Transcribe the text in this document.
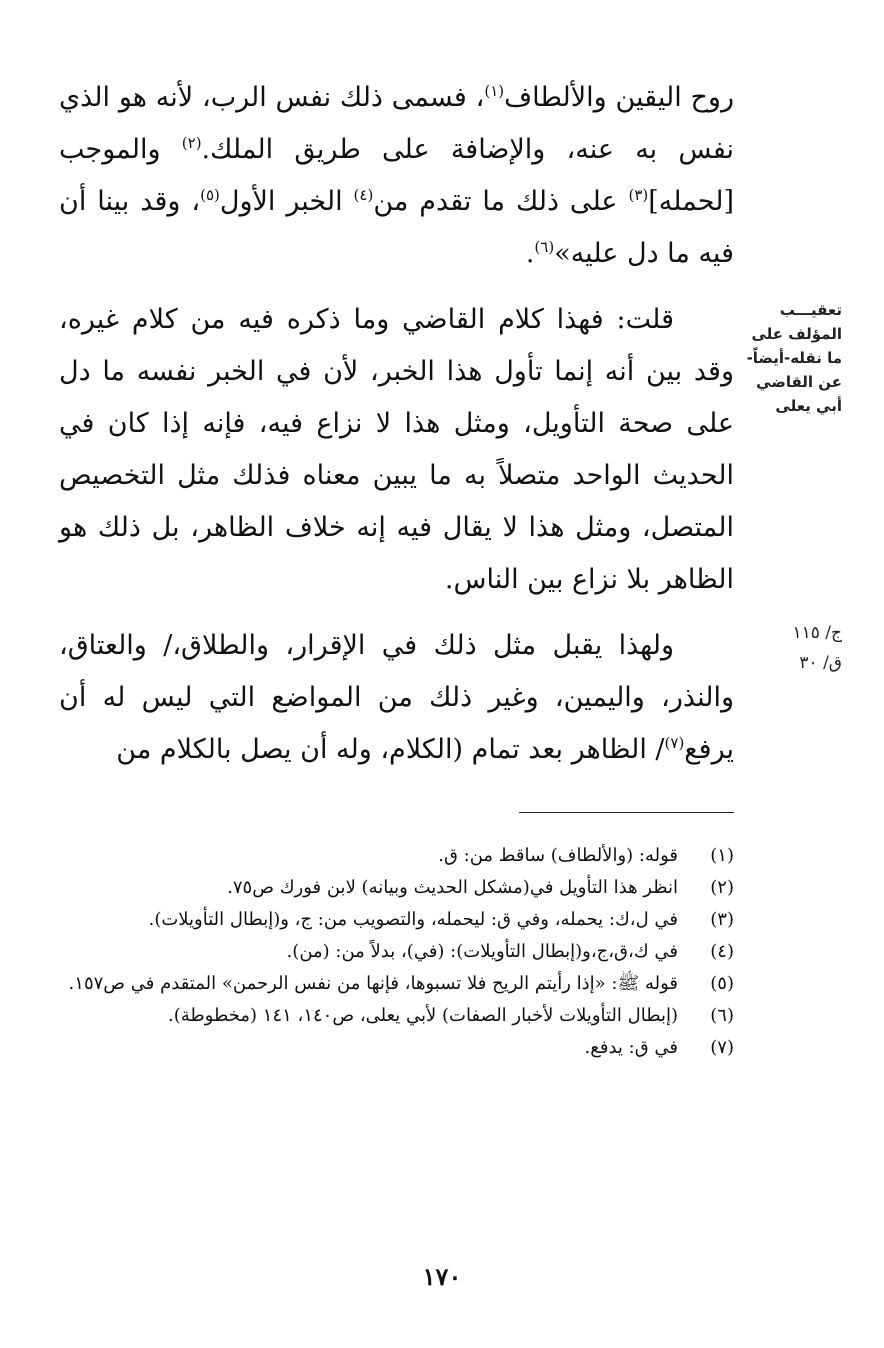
روح اليقين والألطاف$^{(١)}$، فسمى ذلك نفس الرب، لأنه هو الذي نفس به عنه، والإضافة على طريق الملك.$^{(٢)}$ والموجب [لحمله]$^{(٣)}$ على ذلك ما تقدم من$^{(٤)}$ الخبر الأول$^{(٥)}$، وقد بينا أن فيه ما دل عليه»$^{(٦)}$.

قلت: فهذا كلام القاضي وما ذكره فيه من كلام غيره، وقد بين أنه إنما تأول هذا الخبر، لأن في الخبر نفسه ما دل على صحة التأويل، ومثل هذا لا نزاع فيه، فإنه إذا كان في الحديث الواحد متصلاً به ما يبين معناه فذلك مثل التخصيص المتصل، ومثل هذا لا يقال فيه إنه خلاف الظاهر، بل ذلك هو الظاهر بلا نزاع بين الناس.

ولهذا يقبل مثل ذلك في الإقرار، والطلاق،/ والعتاق، والنذر، واليمين، وغير ذلك من المواضع التي ليس له أن يرفع$^{(٧)}$/ الظاهر بعد تمام (الكلام، وله أن يصل بالكلام من

تعقيـــب
المؤلف على
ما نقله-أيضاً-
عن القاضي
أبي يعلى
ج/ ١١٥
ق/ ٣٠
(١)
قوله: (والألطاف) ساقط من: ق.
(٢)
انظر هذا التأويل في(مشكل الحديث وبيانه) لابن فورك ص٧٥.
(٣)
في ل،ك: يحمله، وفي ق: ليحمله، والتصويب من: ج، و(إبطال التأويلات).
(٤)
في ك،ق،ج،و(إبطال التأويلات): (في)، بدلاً من: (من).
(٥)
قوله ﷺ: «إذا رأيتم الريح فلا تسبوها، فإنها من نفس الرحمن» المتقدم في ص١٥٧.
(٦)
(إبطال التأويلات لأخبار الصفات) لأبي يعلى، ص١٤٠، ١٤١ (مخطوطة).
(٧)
في ق: يدفع.
١٧٠
